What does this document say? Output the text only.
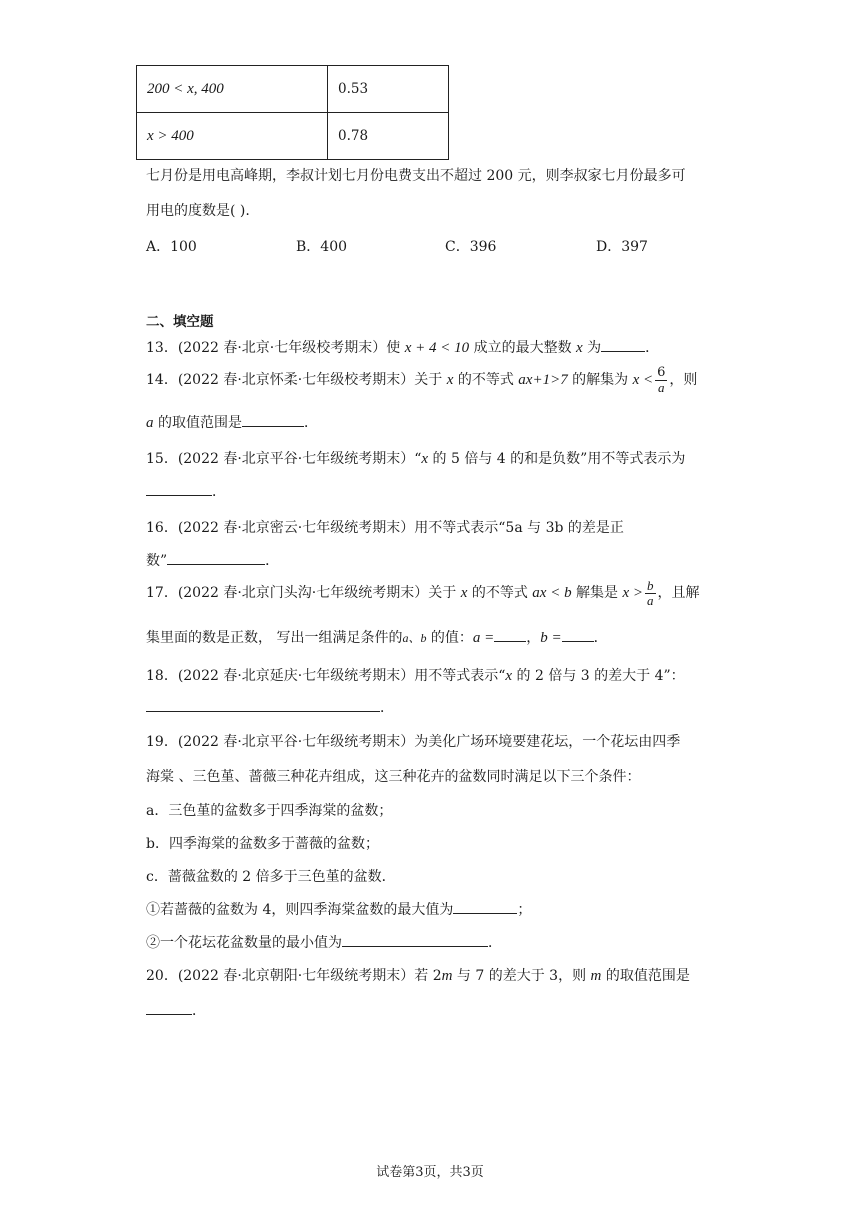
200 < x, 400	0.53
x > 400	0.78
七月份是用电高峰期，李叔计划七月份电费支出不超过 200 元，则李叔家七月份最多可
用电的度数是( ).
A．100	B．400	C．396	D．397
二、填空题
13．(2022 春·北京·七年级校考期末）使 x + 4 < 10 成立的最大整数 x 为	．
14．(2022 春·北京怀柔·七年级校考期末）关于 x 的不等式 ax+1>7 的解集为 $x < \frac{6}{a}$ ，则
a 的取值范围是	．
15．(2022 春·北京平谷·七年级统考期末）“x 的 5 倍与 4 的和是负数”用不等式表示为
．
16．(2022 春·北京密云·七年级统考期末）用不等式表示“5a 与 3b 的差是正
数”	．
17．(2022 春·北京门头沟·七年级统考期末）关于 x 的不等式 ax < b 解集是 $x > \frac{b}{a}$ ，且解
集里面的数是正数， 写出一组满足条件的a、b 的值：a = ，b = ．
18．(2022 春·北京延庆·七年级统考期末）用不等式表示“x 的 2 倍与 3 的差大于 4”：
．
19．(2022 春·北京平谷·七年级统考期末）为美化广场环境要建花坛，一个花坛由四季
海棠 、三色堇、蔷薇三种花卉组成，这三种花卉的盆数同时满足以下三个条件：
a．三色堇的盆数多于四季海棠的盆数；
b．四季海棠的盆数多于蔷薇的盆数；
c．蔷薇盆数的 2 倍多于三色堇的盆数．
①若蔷薇的盆数为 4，则四季海棠盆数的最大值为	；
②一个花坛花盆数量的最小值为	．
20．(2022 春·北京朝阳·七年级统考期末）若 2m 与 7 的差大于 3，则 m 的取值范围是
．
试卷第3页，共3页
